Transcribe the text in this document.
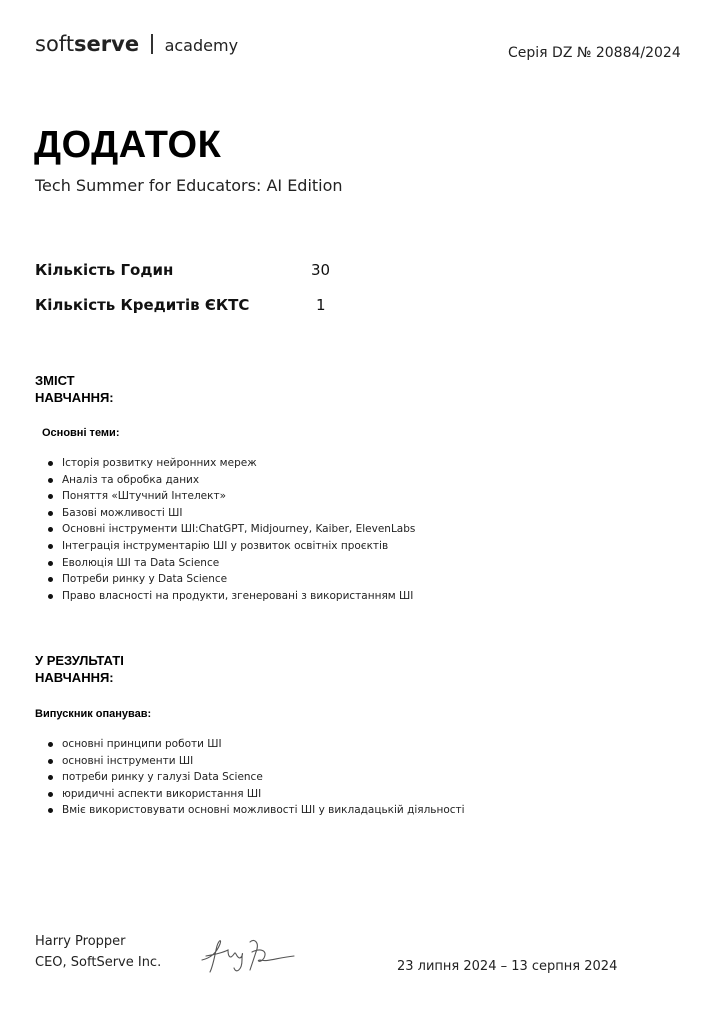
softserve academy	Серія DZ № 20884/2024
ДОДАТОК
Tech Summer for Educators: AI Edition
Кількість Годин	30
Кількість Кредитів ЄКТС	1
ЗМІСТ
НАВЧАННЯ:
Основні теми:
Історія розвитку нейронних мереж
Аналіз та обробка даних
Поняття «Штучний Інтелект»
Базові можливості ШІ
Основні інструменти ШІ:ChatGPT, Midjourney, Kaiber, ElevenLabs
Інтеграція інструментарію ШІ у розвиток освітніх проєктів
Еволюція ШІ та Data Science
Потреби ринку у Data Science
Право власності на продукти, згенеровані з використанням ШІ
У РЕЗУЛЬТАТІ
НАВЧАННЯ:
Випускник опанував:
основні принципи роботи ШІ
основні інструменти ШІ
потреби ринку у галузі Data Science
юридичні аспекти використання ШІ
Вміє використовувати основні можливості ШІ у викладацькій діяльності
Harry Propper
CEO, SoftServe Inc.	23 липня 2024 – 13 серпня 2024
